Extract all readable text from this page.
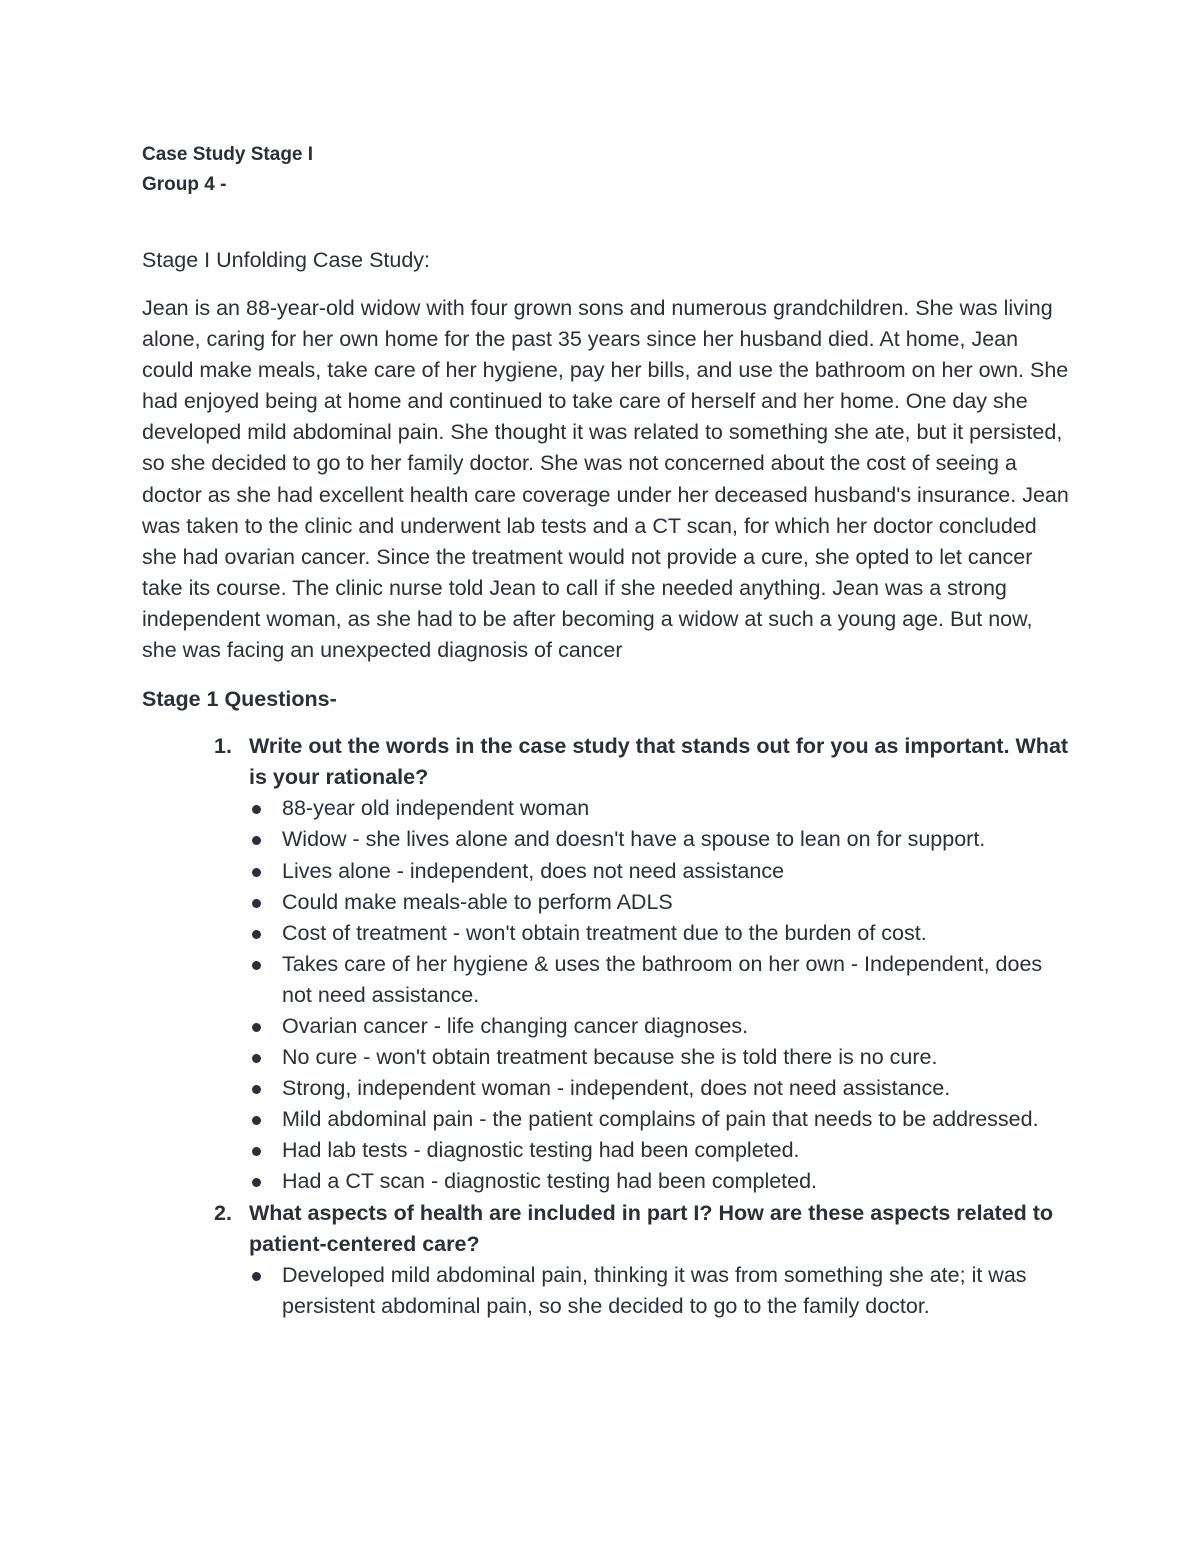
Case Study Stage I

Group 4 -

Stage I Unfolding Case Study:

Jean is an 88-year-old widow with four grown sons and numerous grandchildren. She was living alone, caring for her own home for the past 35 years since her husband died. At home, Jean could make meals, take care of her hygiene, pay her bills, and use the bathroom on her own. She had enjoyed being at home and continued to take care of herself and her home. One day she developed mild abdominal pain. She thought it was related to something she ate, but it persisted, so she decided to go to her family doctor. She was not concerned about the cost of seeing a doctor as she had excellent health care coverage under her deceased husband's insurance. Jean was taken to the clinic and underwent lab tests and a CT scan, for which her doctor concluded she had ovarian cancer. Since the treatment would not provide a cure, she opted to let cancer take its course. The clinic nurse told Jean to call if she needed anything. Jean was a strong independent woman, as she had to be after becoming a widow at such a young age. But now, she was facing an unexpected diagnosis of cancer

Stage 1 Questions-

1. Write out the words in the case study that stands out for you as important. What is your rationale?

88-year old independent woman
Widow - she lives alone and doesn't have a spouse to lean on for support.
Lives alone - independent, does not need assistance
Could make meals-able to perform ADLS
Cost of treatment - won't obtain treatment due to the burden of cost.
Takes care of her hygiene & uses the bathroom on her own - Independent, does not need assistance.
Ovarian cancer - life changing cancer diagnoses.
No cure - won't obtain treatment because she is told there is no cure.
Strong, independent woman - independent, does not need assistance.
Mild abdominal pain - the patient complains of pain that needs to be addressed.
Had lab tests - diagnostic testing had been completed.
Had a CT scan - diagnostic testing had been completed.
2. What aspects of health are included in part I? How are these aspects related to patient-centered care?

Developed mild abdominal pain, thinking it was from something she ate; it was persistent abdominal pain, so she decided to go to the family doctor.
